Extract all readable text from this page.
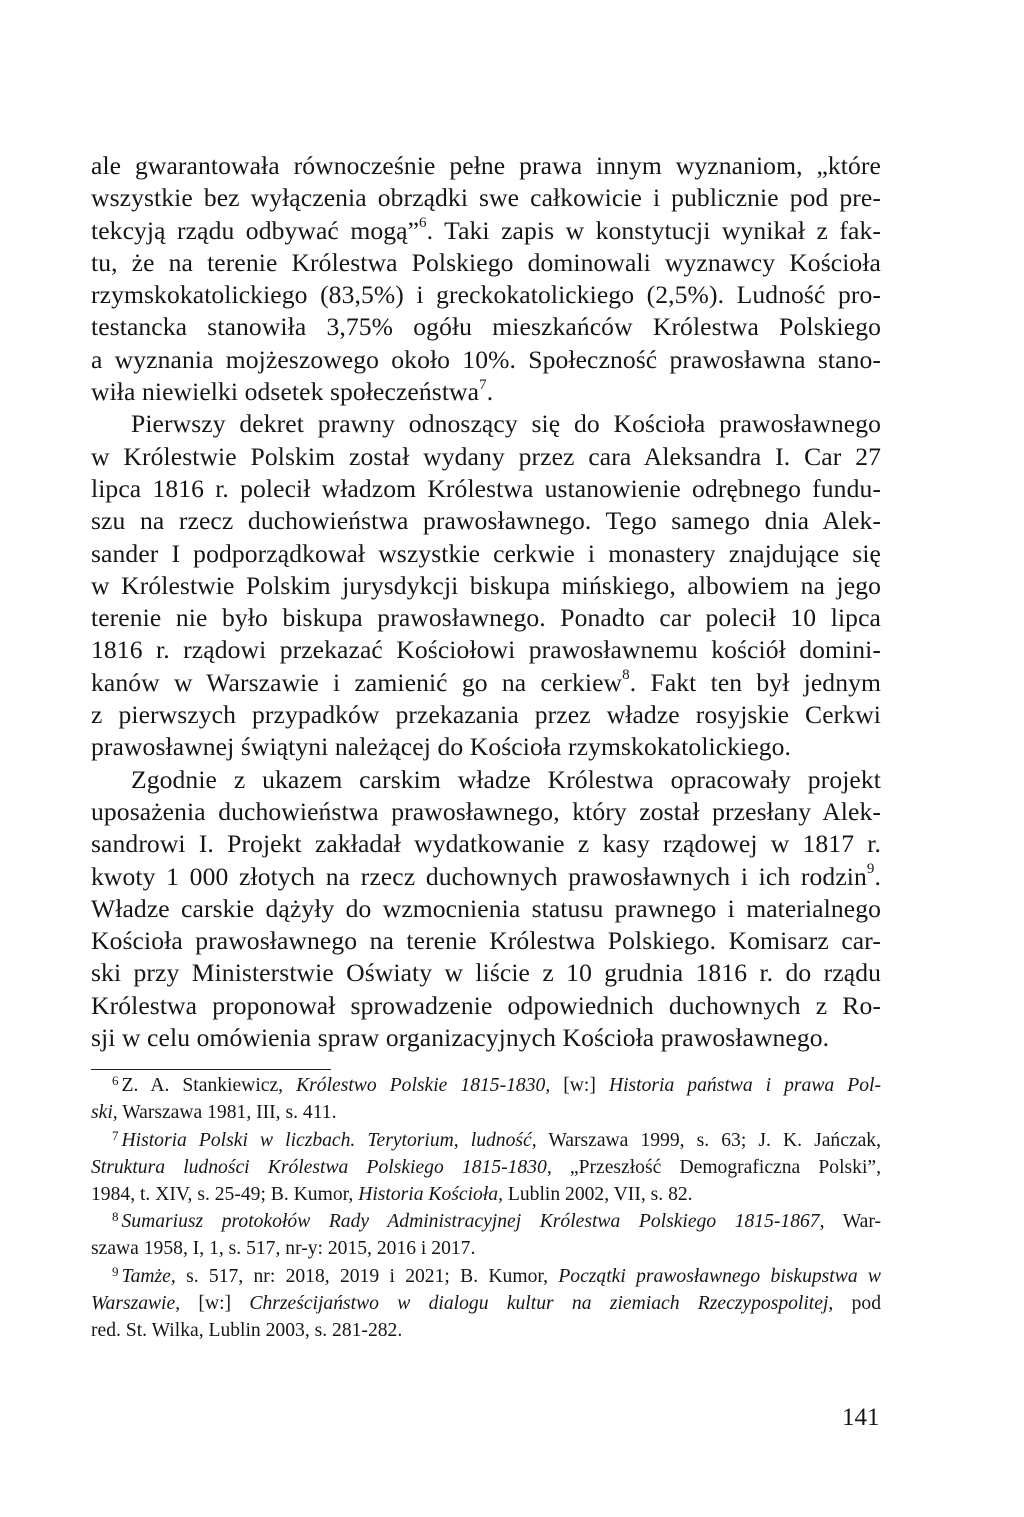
ale gwarantowała równocześnie pełne prawa innym wyznaniom, „które
wszystkie bez wyłączenia obrządki swe całkowicie i publicznie pod pre-
tekcyją rządu odbywać mogą”$^6$. Taki zapis w konstytucji wynikał z fak-
tu, że na terenie Królestwa Polskiego dominowali wyznawcy Kościoła
rzymskokatolickiego (83,5%) i greckokatolickiego (2,5%). Ludność pro-
testancka stanowiła 3,75% ogółu mieszkańców Królestwa Polskiego
a wyznania mojżeszowego około 10%. Społeczność prawosławna stano-
wiła niewielki odsetek społeczeństwa$^7$.
Pierwszy dekret prawny odnoszący się do Kościoła prawosławnego
w Królestwie Polskim został wydany przez cara Aleksandra I. Car 27
lipca 1816 r. polecił władzom Królestwa ustanowienie odrębnego fundu-
szu na rzecz duchowieństwa prawosławnego. Tego samego dnia Alek-
sander I podporządkował wszystkie cerkwie i monastery znajdujące się
w Królestwie Polskim jurysdykcji biskupa mińskiego, albowiem na jego
terenie nie było biskupa prawosławnego. Ponadto car polecił 10 lipca
1816 r. rządowi przekazać Kościołowi prawosławnemu kościół domini-
kanów w Warszawie i zamienić go na cerkiew$^8$. Fakt ten był jednym
z pierwszych przypadków przekazania przez władze rosyjskie Cerkwi
prawosławnej świątyni należącej do Kościoła rzymskokatolickiego.
Zgodnie z ukazem carskim władze Królestwa opracowały projekt
uposażenia duchowieństwa prawosławnego, który został przesłany Alek-
sandrowi I. Projekt zakładał wydatkowanie z kasy rządowej w 1817 r.
kwoty 1 000 złotych na rzecz duchownych prawosławnych i ich rodzin$^9$.
Władze carskie dążyły do wzmocnienia statusu prawnego i materialnego
Kościoła prawosławnego na terenie Królestwa Polskiego. Komisarz car-
ski przy Ministerstwie Oświaty w liście z 10 grudnia 1816 r. do rządu
Królestwa proponował sprowadzenie odpowiednich duchownych z Ro-
sji w celu omówienia spraw organizacyjnych Kościoła prawosławnego.
$^6$ Z. A. Stankiewicz, Królestwo Polskie 1815-1830, [w:] Historia państwa i prawa Pol-
ski, Warszawa 1981, III, s. 411.
$^7$ Historia Polski w liczbach. Terytorium, ludność, Warszawa 1999, s. 63; J. K. Jańczak,
Struktura ludności Królestwa Polskiego 1815-1830, „Przeszłość Demograficzna Polski”,
1984, t. XIV, s. 25-49; B. Kumor, Historia Kościoła, Lublin 2002, VII, s. 82.
$^8$ Sumariusz protokołów Rady Administracyjnej Królestwa Polskiego 1815-1867, War-
szawa 1958, I, 1, s. 517, nr-y: 2015, 2016 i 2017.
$^9$ Tamże, s. 517, nr: 2018, 2019 i 2021; B. Kumor, Początki prawosławnego biskupstwa w
Warszawie, [w:] Chrześcijaństwo w dialogu kultur na ziemiach Rzeczypospolitej, pod
red. St. Wilka, Lublin 2003, s. 281-282.
141
